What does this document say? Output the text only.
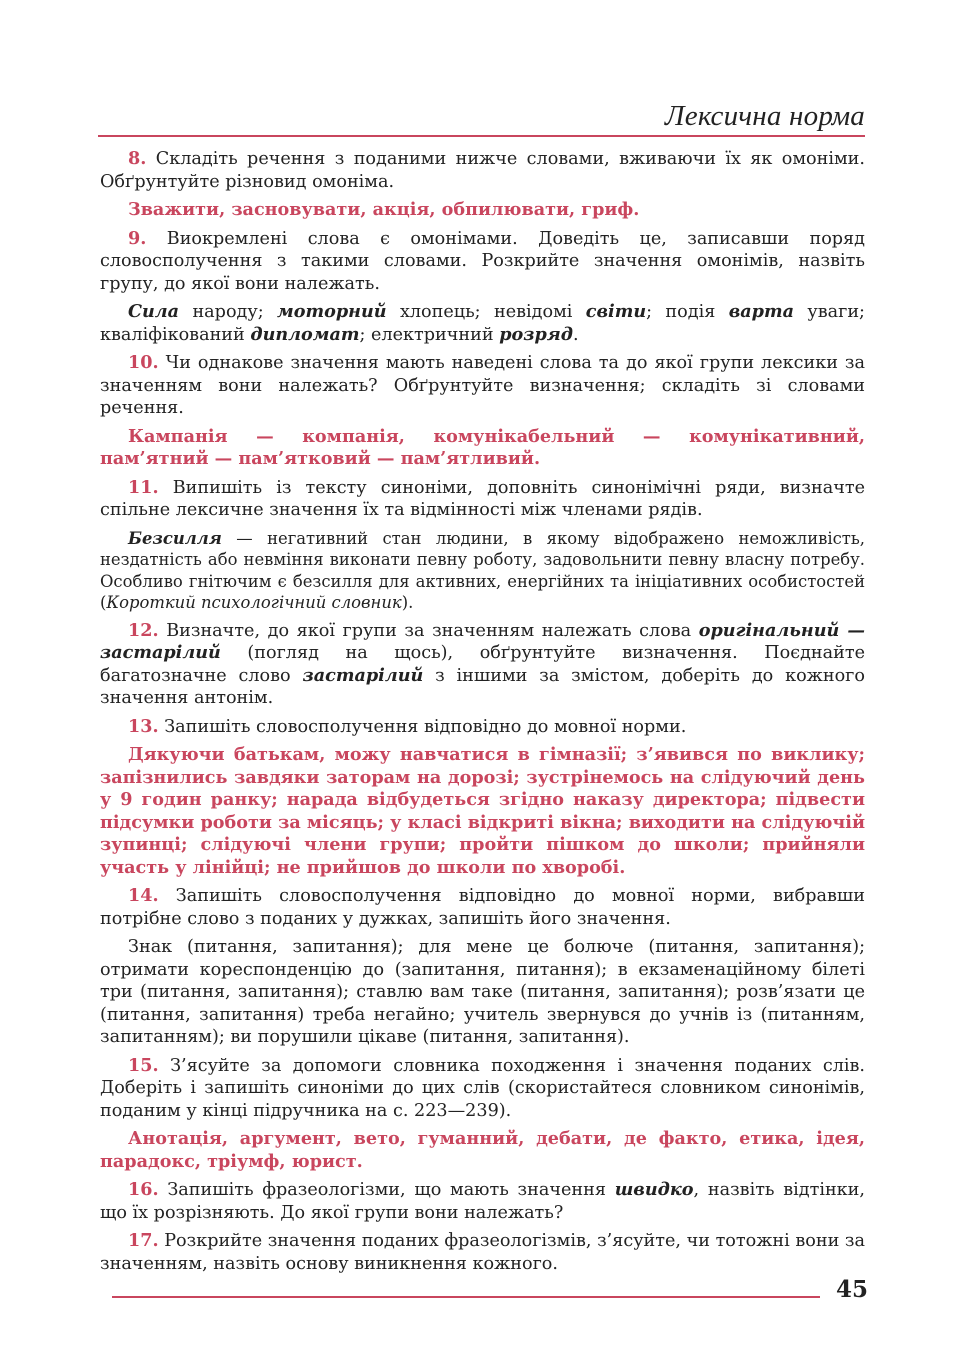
Лексична норма

8. Складіть речення з поданими нижче словами, вживаючи їх як омоніми. Обґрунтуйте різновид омоніма.

Зважити, засновувати, акція, обпилювати, гриф.

9. Виокремлені слова є омонімами. Доведіть це, записавши поряд словосполучення з такими словами. Розкрийте значення омонімів, назвіть групу, до якої вони належать.

Сила народу; моторний хлопець; невідомі світи; подія варта уваги; кваліфікований дипломат; електричний розряд.

10. Чи однакове значення мають наведені слова та до якої групи лексики за значенням вони належать? Обґрунтуйте визначення; складіть зі словами речення.

Кампанія — компанія, комунікабельний — комунікативний, пам’ятний — пам’ятковий — пам’ятливий.

11. Випишіть із тексту синоніми, доповніть синонімічні ряди, визначте спільне лексичне значення їх та відмінності між членами рядів.

Безсилля — негативний стан людини, в якому відображено неможливість, нездатність або невміння виконати певну роботу, задовольнити певну власну потребу. Особливо гнітючим є безсилля для активних, енергійних та ініціативних особистостей (Короткий психологічний словник).

12. Визначте, до якої групи за значенням належать слова оригінальний — застарілий (погляд на щось), обґрунтуйте визначення. Поєднайте багатозначне слово застарілий з іншими за змістом, доберіть до кожного значення антонім.

13. Запишіть словосполучення відповідно до мовної норми.

Дякуючи батькам, можу навчатися в гімназії; з’явився по виклику; запізнились завдяки заторам на дорозі; зустрінемось на слідуючий день у 9 годин ранку; нарада відбудеться згідно наказу директора; підвести підсумки роботи за місяць; у класі відкриті вікна; виходити на слідуючій зупинці; слідуючі члени групи; пройти пішком до школи; прийняли участь у лінійці; не прийшов до школи по хворобі.

14. Запишіть словосполучення відповідно до мовної норми, вибравши потрібне слово з поданих у дужках, запишіть його значення.

Знак (питання, запитання); для мене це болюче (питання, запитання); отримати кореспонденцію до (запитання, питання); в екзаменаційному білеті три (питання, запитання); ставлю вам таке (питання, запитання); розв’язати це (питання, запитання) треба негайно; учитель звернувся до учнів із (питанням, запитанням); ви порушили цікаве (питання, запитання).

15. З’ясуйте за допомоги словника походження і значення поданих слів. Доберіть і запишіть синоніми до цих слів (скористайтеся словником синонімів, поданим у кінці підручника на с. 223—239).

Анотація, аргумент, вето, гуманний, дебати, де факто, етика, ідея, парадокс, тріумф, юрист.

16. Запишіть фразеологізми, що мають значення швидко, назвіть відтінки, що їх розрізняють. До якої групи вони належать?

17. Розкрийте значення поданих фразеологізмів, з’ясуйте, чи тотожні вони за значенням, назвіть основу виникнення кожного.

45
